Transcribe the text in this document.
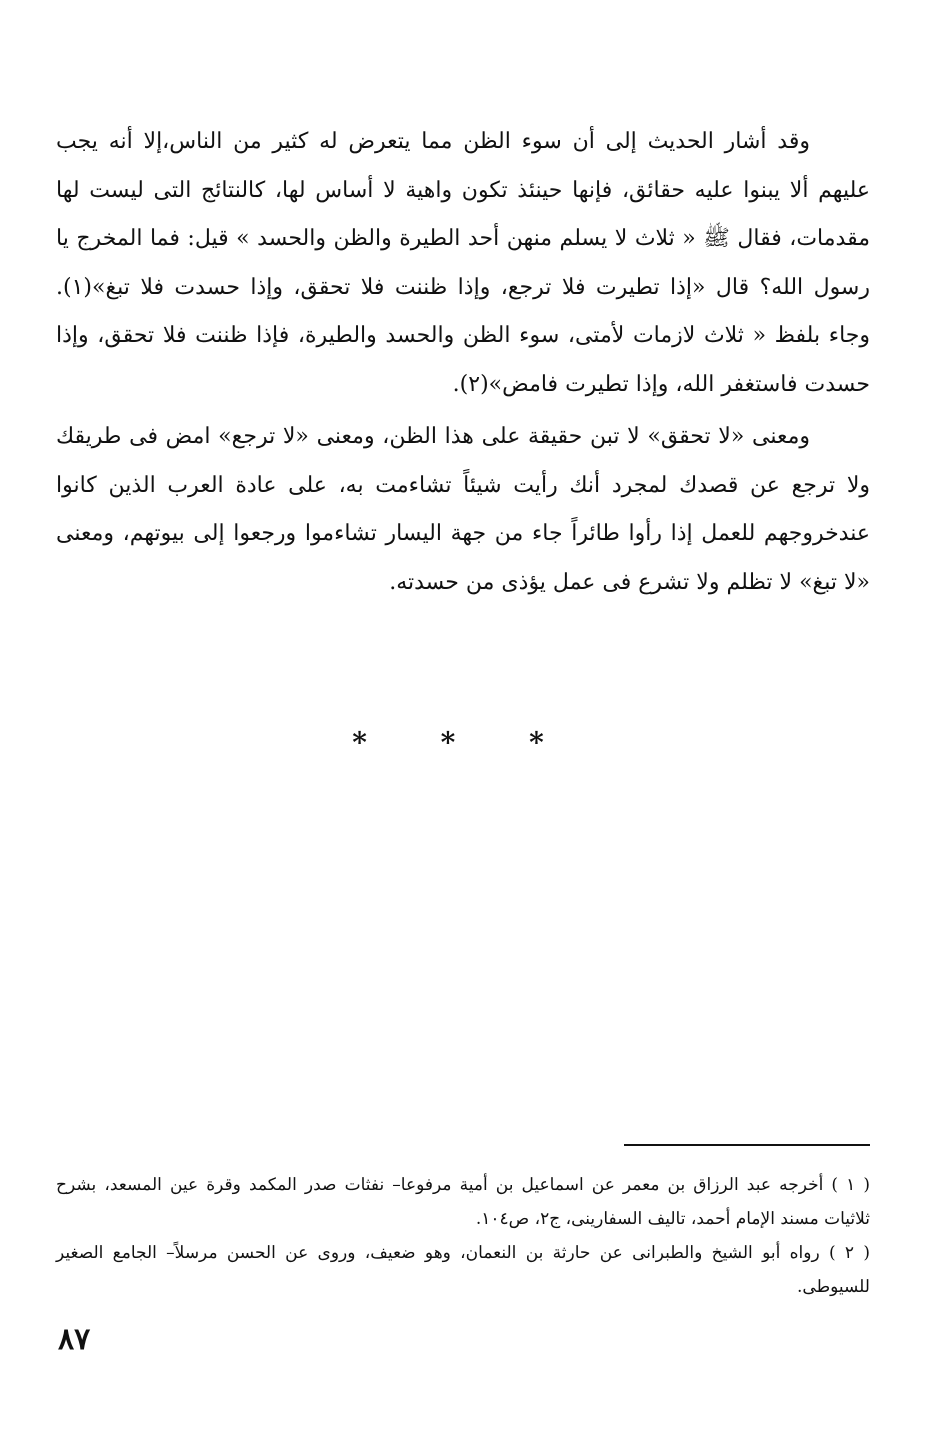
وقد أشار الحديث إلى أن سوء الظن مما يتعرض له كثير من الناس،إلا أنه يجب عليهم ألا يبنوا عليه حقائق، فإنها حينئذ تكون واهية لا أساس لها، كالنتائج التى ليست لها مقدمات، فقال ﷺ « ثلاث لا يسلم منهن أحد الطيرة والظن والحسد » قيل: فما المخرج يا رسول الله؟ قال «إذا تطيرت فلا ترجع، وإذا ظننت فلا تحقق، وإذا حسدت فلا تبغ»(١). وجاء بلفظ « ثلاث لازمات لأمتى، سوء الظن والحسد والطيرة، فإذا ظننت فلا تحقق، وإذا حسدت فاستغفر الله، وإذا تطيرت فامض»(٢).

ومعنى «لا تحقق» لا تبن حقيقة على هذا الظن، ومعنى «لا ترجع» امض فى طريقك ولا ترجع عن قصدك لمجرد أنك رأيت شيئاً تشاءمت به، على عادة العرب الذين كانوا عندخروجهم للعمل إذا رأوا طائراً جاء من جهة اليسار تشاءموا ورجعوا إلى بيوتهم، ومعنى «لا تبغ» لا تظلم ولا تشرع فى عمل يؤذى من حسدته.

* * *

( ١ ) أخرجه عبد الرزاق بن معمر عن اسماعيل بن أمية مرفوعا– نفثات صدر المكمد وقرة عين المسعد، بشرح ثلاثيات مسند الإمام أحمد، تاليف السفارينى، ج٢، ص١٠٤.

( ٢ ) رواه أبو الشيخ والطبرانى عن حارثة بن النعمان، وهو ضعيف، وروى عن الحسن مرسلاً– الجامع الصغير للسيوطى.

٨٧
